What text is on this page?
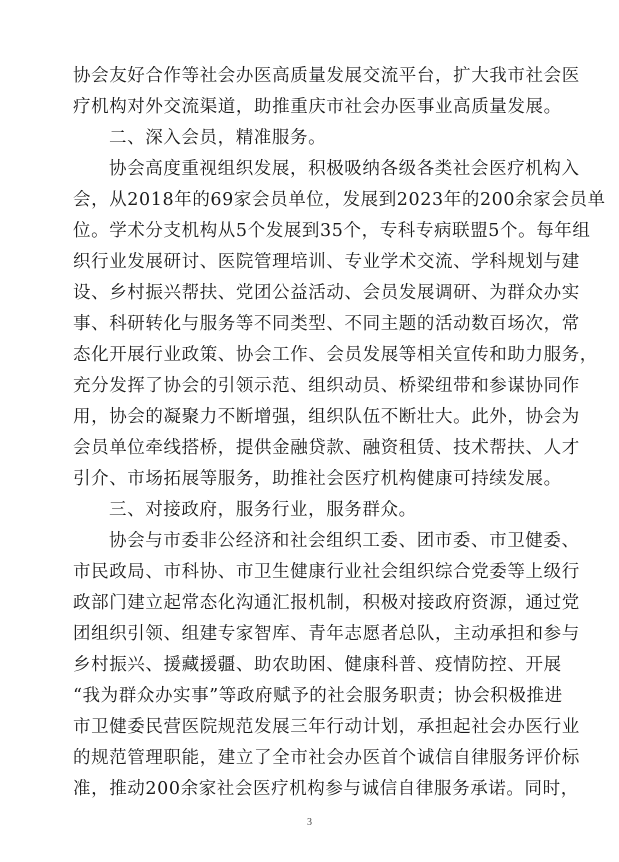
协会友好合作等社会办医高质量发展交流平台，扩大我市社会医
疗机构对外交流渠道，助推重庆市社会办医事业高质量发展。
二、深入会员，精准服务。
协会高度重视组织发展，积极吸纳各级各类社会医疗机构入
会，从2018年的69家会员单位，发展到2023年的200余家会员单
位。学术分支机构从5个发展到35个，专科专病联盟5个。每年组
织行业发展研讨、医院管理培训、专业学术交流、学科规划与建
设、乡村振兴帮扶、党团公益活动、会员发展调研、为群众办实
事、科研转化与服务等不同类型、不同主题的活动数百场次，常
态化开展行业政策、协会工作、会员发展等相关宣传和助力服务，
充分发挥了协会的引领示范、组织动员、桥梁纽带和参谋协同作
用，协会的凝聚力不断增强，组织队伍不断壮大。此外，协会为
会员单位牵线搭桥，提供金融贷款、融资租赁、技术帮扶、人才
引介、市场拓展等服务，助推社会医疗机构健康可持续发展。
三、对接政府，服务行业，服务群众。
协会与市委非公经济和社会组织工委、团市委、市卫健委、
市民政局、市科协、市卫生健康行业社会组织综合党委等上级行
政部门建立起常态化沟通汇报机制，积极对接政府资源，通过党
团组织引领、组建专家智库、青年志愿者总队，主动承担和参与
乡村振兴、援藏援疆、助农助困、健康科普、疫情防控、开展
“我为群众办实事”等政府赋予的社会服务职责；协会积极推进
市卫健委民营医院规范发展三年行动计划，承担起社会办医行业
的规范管理职能，建立了全市社会办医首个诚信自律服务评价标
准，推动200余家社会医疗机构参与诚信自律服务承诺。同时，
3
